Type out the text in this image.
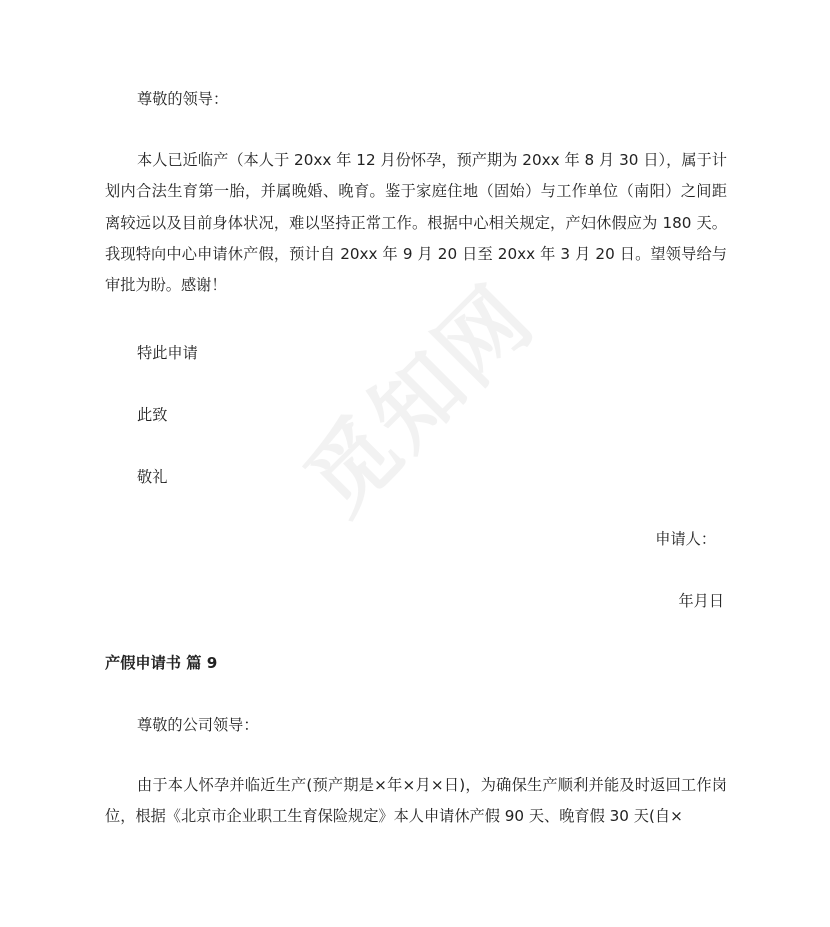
觅知网
尊敬的领导：
本人已近临产（本人于 20xx 年 12 月份怀孕，预产期为 20xx 年 8 月 30 日），属于计划内合法生育第一胎，并属晚婚、晚育。鉴于家庭住地（固始）与工作单位（南阳）之间距离较远以及目前身体状况，难以坚持正常工作。根据中心相关规定，产妇休假应为 180 天。我现特向中心申请休产假，预计自 20xx 年 9 月 20 日至 20xx 年 3 月 20 日。望领导给与审批为盼。感谢！
特此申请
此致
敬礼
申请人：
年月日
产假申请书 篇 9
尊敬的公司领导：
由于本人怀孕并临近生产(预产期是×年×月×日)，为确保生产顺利并能及时返回工作岗位，根据《北京市企业职工生育保险规定》本人申请休产假 90 天、晚育假 30 天(自×
